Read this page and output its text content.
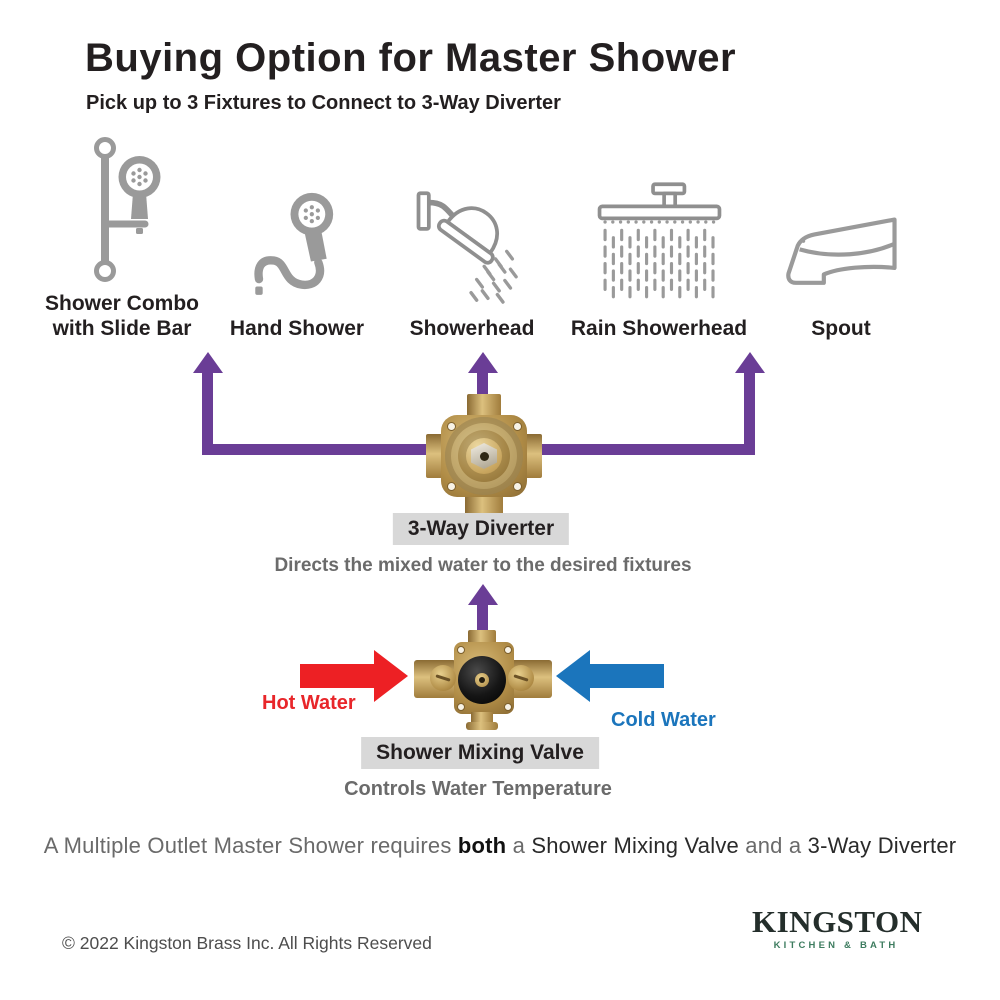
Buying Option for Master Shower
Pick up to 3 Fixtures to Connect to 3-Way Diverter
Shower Combo with Slide Bar	Hand Shower Showerhead Rain Showerhead	Spout
3-Way Diverter
Directs the mixed water to the desired fixtures
Hot Water
Cold Water
Shower Mixing Valve
Controls Water Temperature
A Multiple Outlet Master Shower requires both a Shower Mixing Valve and a 3-Way Diverter
© 2022 Kingston Brass Inc. All Rights Reserved
KINGSTON
KITCHEN & BATH
